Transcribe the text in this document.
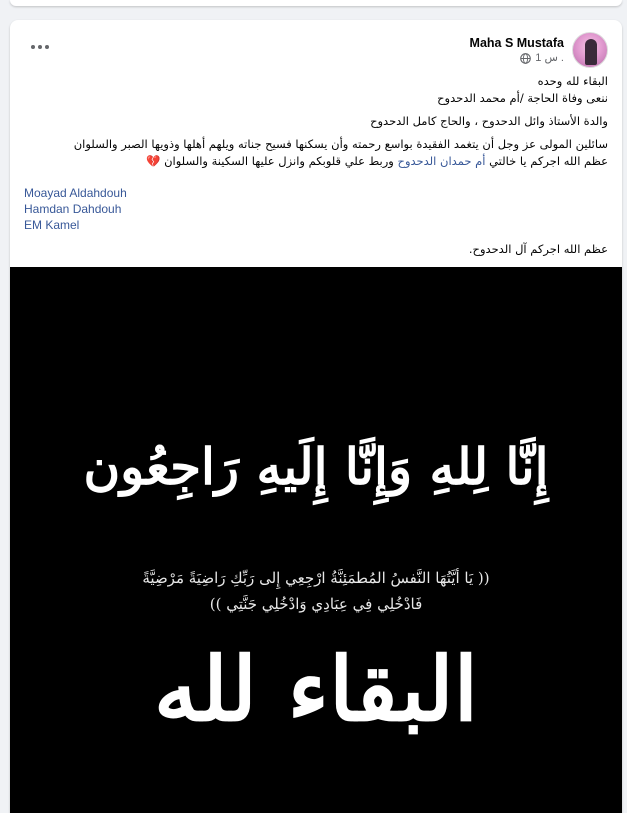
Maha S Mustafa
1 س .
البقاء لله وحده
ننعى وفاة الحاجة /أم محمد الدحدوح
والدة الأستاذ وائل الدحدوح ، والحاج كامل الدحدوح
سائلين المولى عز وجل أن يتغمد الفقيدة بواسع رحمته وأن يسكنها فسيح جناته ويلهم أهلها وذويها الصبر والسلوان
عظم الله اجركم يا خالتي أم حمدان الدحدوح وربط علي قلوبكم وانزل عليها السكينة والسلوان 💔
Moayad Aldahdouh
Hamdan Dahdouh
EM Kamel
عظم الله اجركم آل الدحدوح.
إِنَّا لِلهِ وَإِنَّا إِلَيهِ رَاجِعُون
(( يَا أيَّتُهَا النَّفسُ المُطمَئِنَّةُ ارْجِعِي إِلى رَبِّكِ رَاضِيَةً مَرْضِيَّةً
فَادْخُلِي فِي عِبَادِي وَادْخُلِي جَنَّتِي ))
البقاء لله
